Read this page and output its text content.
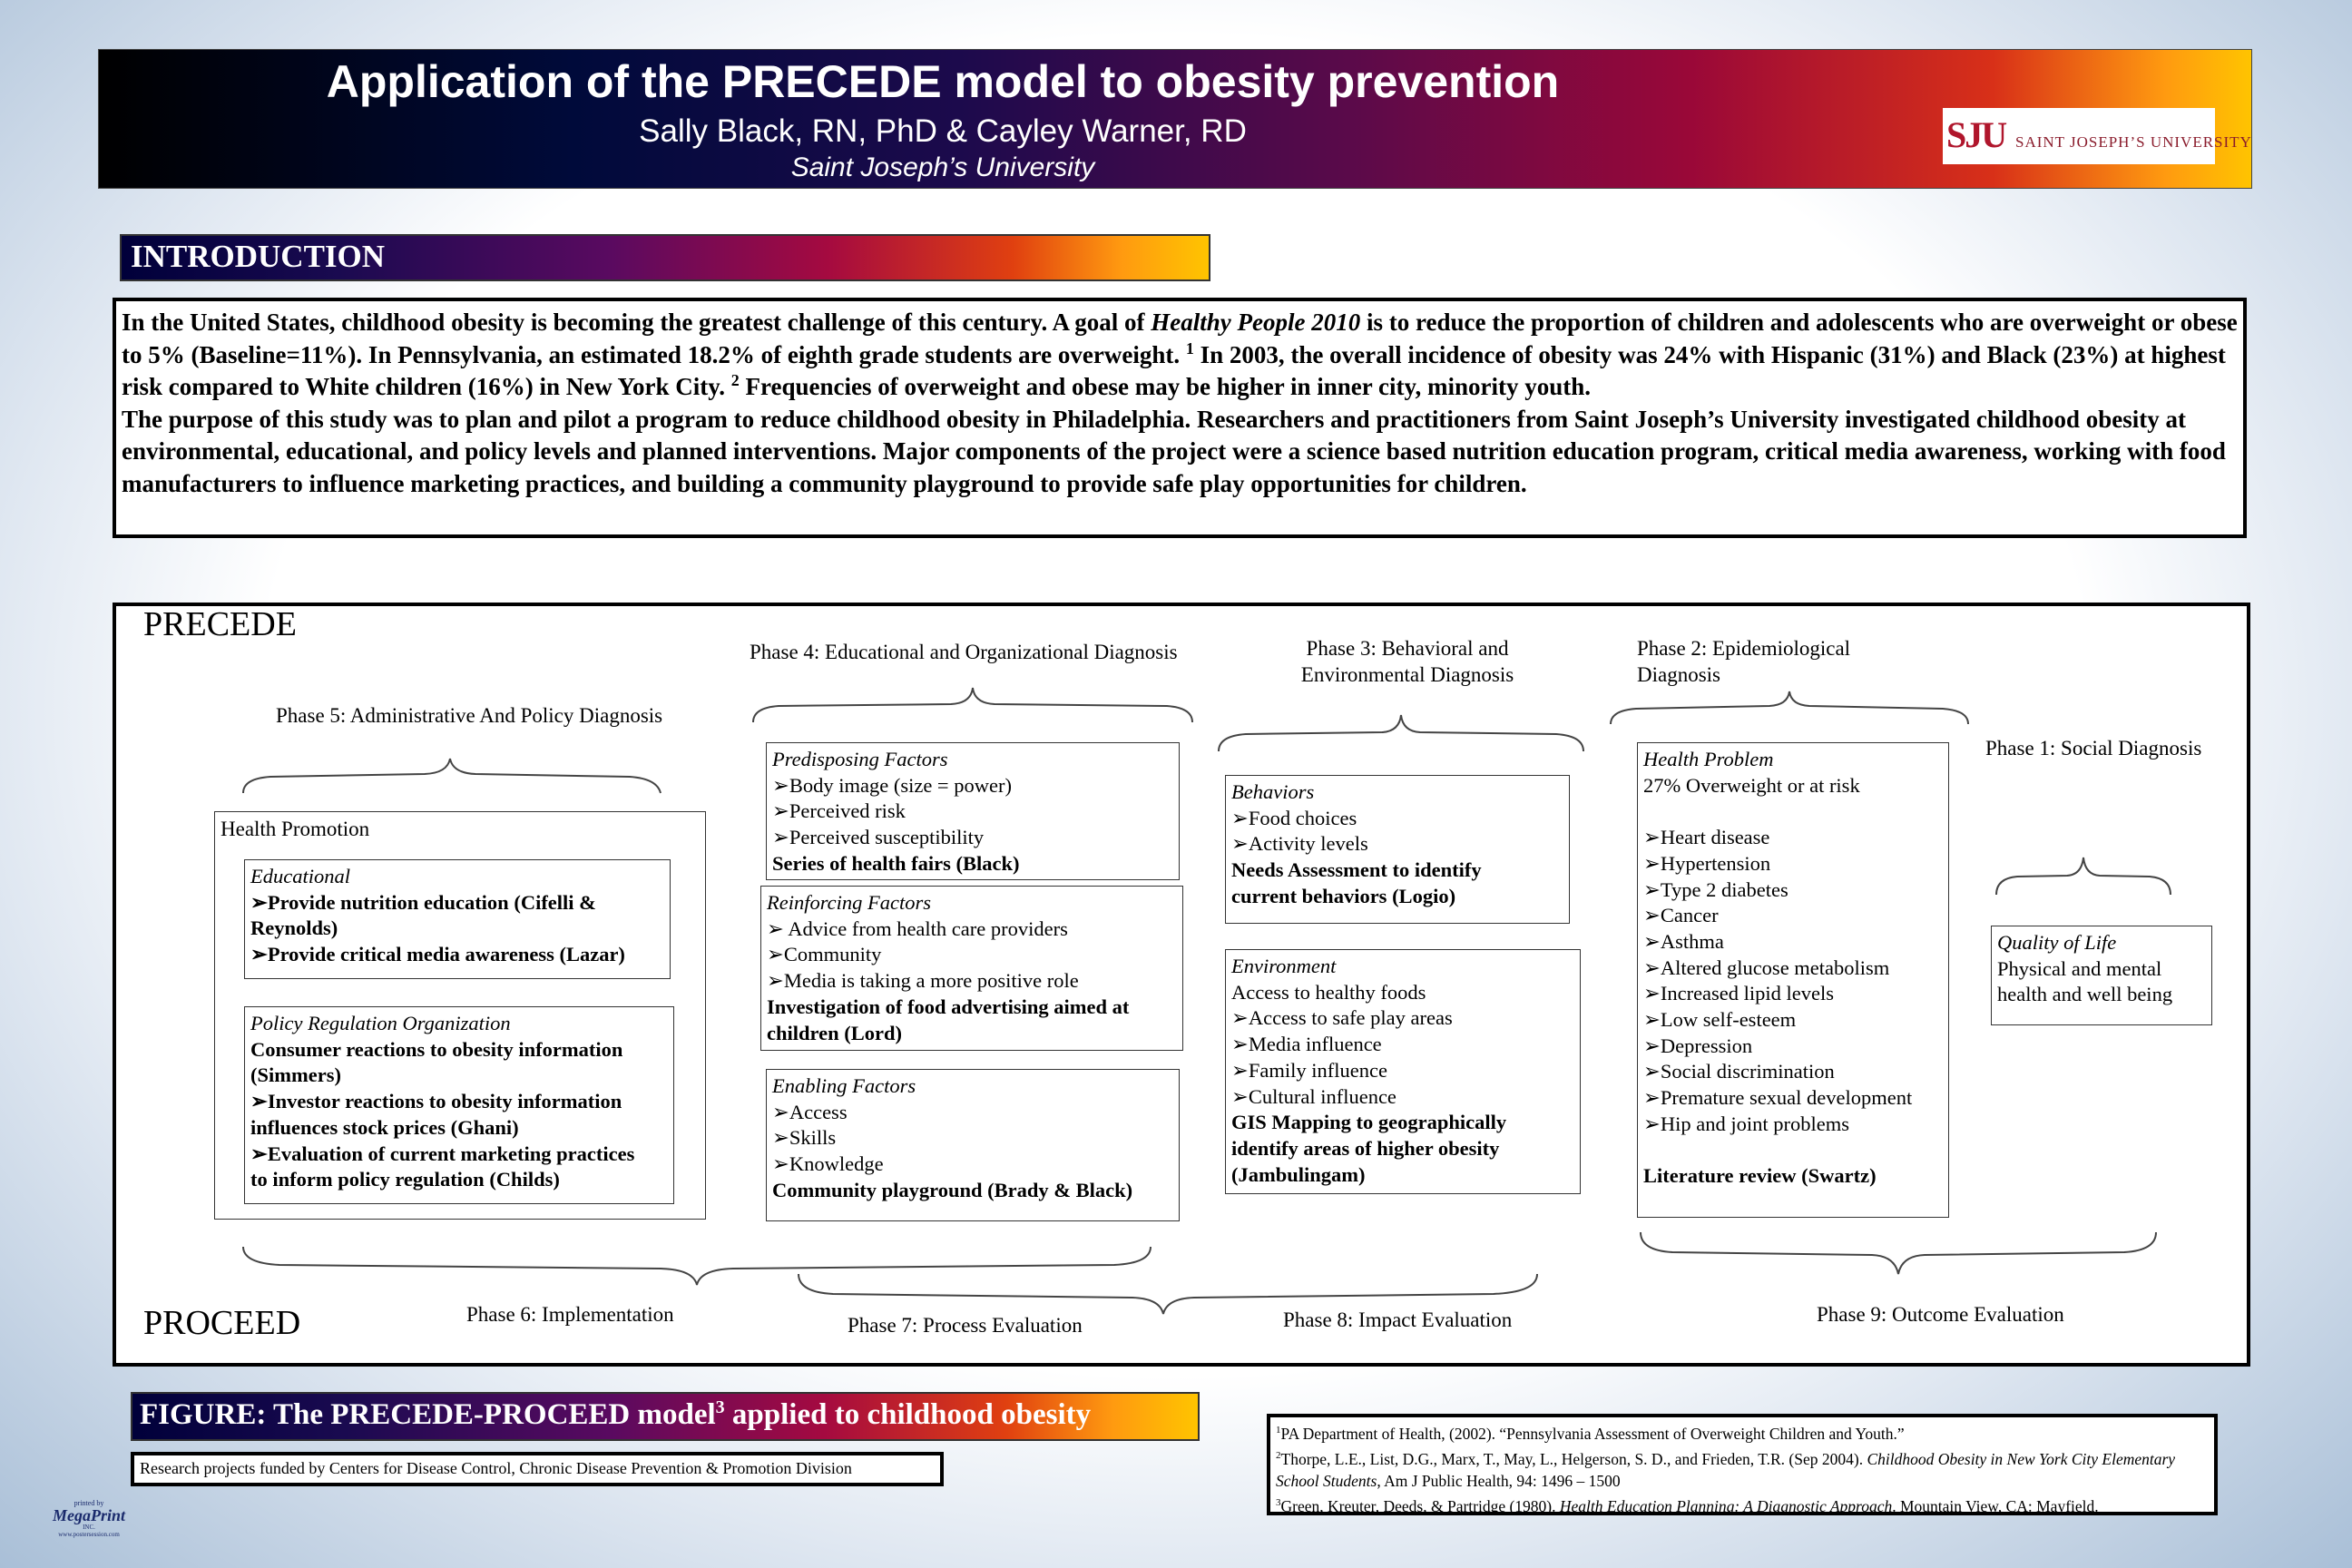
Application of the PRECEDE model to obesity prevention
Sally Black, RN, PhD & Cayley Warner, RD
Saint Joseph’s University
SJU SAINT JOSEPH’S UNIVERSITY
INTRODUCTION

In the United States, childhood obesity is becoming the greatest challenge of this century. A goal of Healthy People 2010 is to reduce the proportion of children and adolescents who are overweight or obese to 5% (Baseline=11%). In Pennsylvania, an estimated 18.2% of eighth grade students are overweight. $^1$ In 2003, the overall incidence of obesity was 24% with Hispanic (31%) and Black (23%) at highest risk compared to White children (16%) in New York City. $^2$ Frequencies of overweight and obese may be higher in inner city, minority youth.

The purpose of this study was to plan and pilot a program to reduce childhood obesity in Philadelphia. Researchers and practitioners from Saint Joseph’s University investigated childhood obesity at environmental, educational, and policy levels and planned interventions. Major components of the project were a science based nutrition education program, critical media awareness, working with food manufacturers to influence marketing practices, and building a community playground to provide safe play opportunities for children.

PRECEDE
PROCEED
Phase 5: Administrative And Policy Diagnosis
Phase 4: Educational and Organizational Diagnosis	Phase 3: Behavioral and
Environmental Diagnosis
Phase 2: Epidemiological
Diagnosis
Phase 1: Social Diagnosis
Phase 6: Implementation	Phase 7: Process Evaluation	Phase 8: Impact Evaluation	Phase 9: Outcome Evaluation
Health Promotion
Educational
➢Provide nutrition education (Cifelli &
Reynolds)
➢Provide critical media awareness (Lazar)
Policy Regulation Organization
Consumer reactions to obesity information
(Simmers)
➢Investor reactions to obesity information
influences stock prices (Ghani)
➢Evaluation of current marketing practices
to inform policy regulation (Childs)
Predisposing Factors
➢Body image (size = power)
➢Perceived risk
➢Perceived susceptibility
Series of health fairs (Black)
Reinforcing Factors
➢ Advice from health care providers
➢Community
➢Media is taking a more positive role
Investigation of food advertising aimed at
children (Lord)
Enabling Factors
➢Access
➢Skills
➢Knowledge
Community playground (Brady & Black)
Behaviors
➢Food choices
➢Activity levels
Needs Assessment to identify
current behaviors (Logio)
Environment
Access to healthy foods
➢Access to safe play areas
➢Media influence
➢Family influence
➢Cultural influence
GIS Mapping to geographically
identify areas of higher obesity
(Jambulingam)
Health Problem
27% Overweight or at risk
➢Heart disease
➢Hypertension
➢Type 2 diabetes
➢Cancer
➢Asthma
➢Altered glucose metabolism
➢Increased lipid levels
➢Low self-esteem
➢Depression
➢Social discrimination
➢Premature sexual development
➢Hip and joint problems
Literature review (Swartz)
Quality of Life
Physical and mental
health and well being
FIGURE: The PRECEDE-PROCEED model$^3$ applied to childhood obesity
Research projects funded by Centers for Disease Control, Chronic Disease Prevention & Promotion Division
$^1$PA Department of Health, (2002). “Pennsylvania Assessment of Overweight Children and Youth.”
$^2$Thorpe, L.E., List, D.G., Marx, T., May, L., Helgerson, S. D., and Frieden, T.R. (Sep 2004). Childhood Obesity in New York City Elementary School Students, Am J Public Health, 94: 1496 – 1500
$^3$Green, Kreuter, Deeds, & Partridge (1980). Health Education Planning: A Diagnostic Approach. Mountain View, CA: Mayfield.
printed by
MegaPrint
INC.
www.postersession.com
